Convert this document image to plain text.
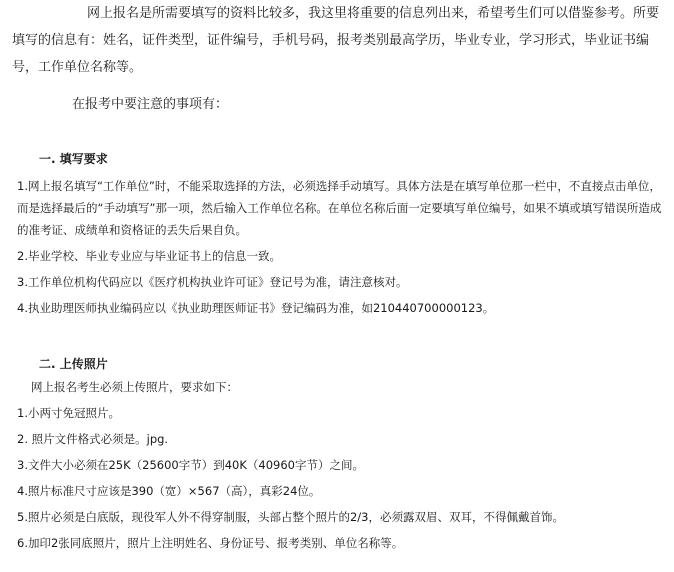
网上报名是所需要填写的资料比较多，我这里将重要的信息列出来，希望考生们可以借鉴参考。所要填写的信息有：姓名，证件类型，证件编号，手机号码，报考类别最高学历，毕业专业，学习形式，毕业证书编号，工作单位名称等。

在报考中要注意的事项有：

一. 填写要求

1.网上报名填写“工作单位”时，不能采取选择的方法，必须选择手动填写。具体方法是在填写单位那一栏中，不直接点击单位，而是选择最后的“手动填写”那一项，然后输入工作单位名称。在单位名称后面一定要填写单位编号，如果不填或填写错误所造成的准考证、成绩单和资格证的丢失后果自负。

2.毕业学校、毕业专业应与毕业证书上的信息一致。

3.工作单位机构代码应以《医疗机构执业许可证》登记号为准，请注意核对。

4.执业助理医师执业编码应以《执业助理医师证书》登记编码为准，如210440700000123。

二. 上传照片

网上报名考生必须上传照片，要求如下：

1.小两寸免冠照片。

2. 照片文件格式必须是。jpg.

3.文件大小必须在25K（25600字节）到40K（40960字节）之间。

4.照片标准尺寸应该是390（宽）×567（高），真彩24位。

5.照片必须是白底版，现役军人外不得穿制服，头部占整个照片的2/3，必须露双眉、双耳，不得佩戴首饰。

6.加印2张同底照片，照片上注明姓名、身份证号、报考类别、单位名称等。
